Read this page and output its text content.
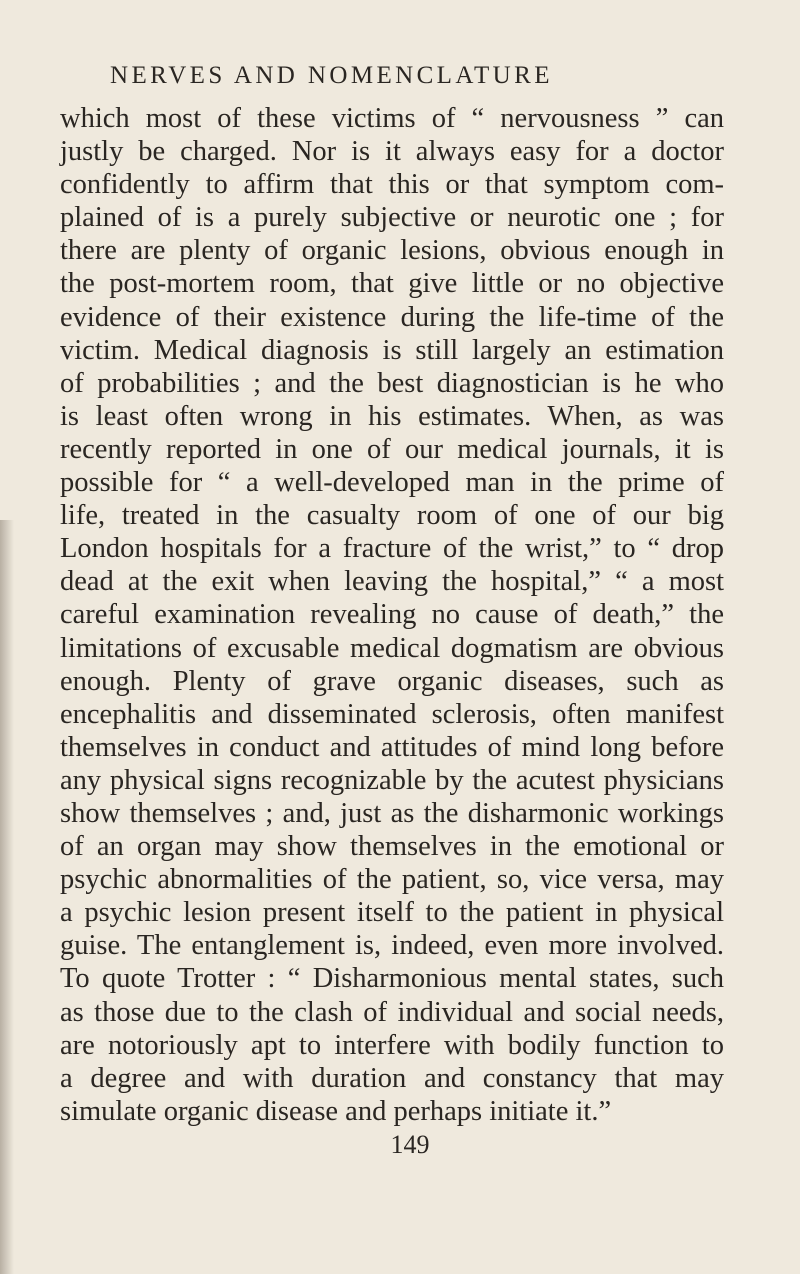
NERVES AND NOMENCLATURE
which most of these victims of “ nervousness ” can
justly be charged. Nor is it always easy for a doctor
confidently to affirm that this or that symptom com-
plained of is a purely subjective or neurotic one ; for
there are plenty of organic lesions, obvious enough in
the post-mortem room, that give little or no objective
evidence of their existence during the life-time of the
victim. Medical diagnosis is still largely an estimation
of probabilities ; and the best diagnostician is he who
is least often wrong in his estimates. When, as was
recently reported in one of our medical journals, it is
possible for “ a well-developed man in the prime of
life, treated in the casualty room of one of our big
London hospitals for a fracture of the wrist,” to “ drop
dead at the exit when leaving the hospital,” “ a most
careful examination revealing no cause of death,” the
limitations of excusable medical dogmatism are obvious
enough. Plenty of grave organic diseases, such as
encephalitis and disseminated sclerosis, often manifest
themselves in conduct and attitudes of mind long before
any physical signs recognizable by the acutest physicians
show themselves ; and, just as the disharmonic workings
of an organ may show themselves in the emotional or
psychic abnormalities of the patient, so, vice versa, may
a psychic lesion present itself to the patient in physical
guise. The entanglement is, indeed, even more involved.
To quote Trotter : “ Disharmonious mental states, such
as those due to the clash of individual and social needs,
are notoriously apt to interfere with bodily function to
a degree and with duration and constancy that may
simulate organic disease and perhaps initiate it.”
149
